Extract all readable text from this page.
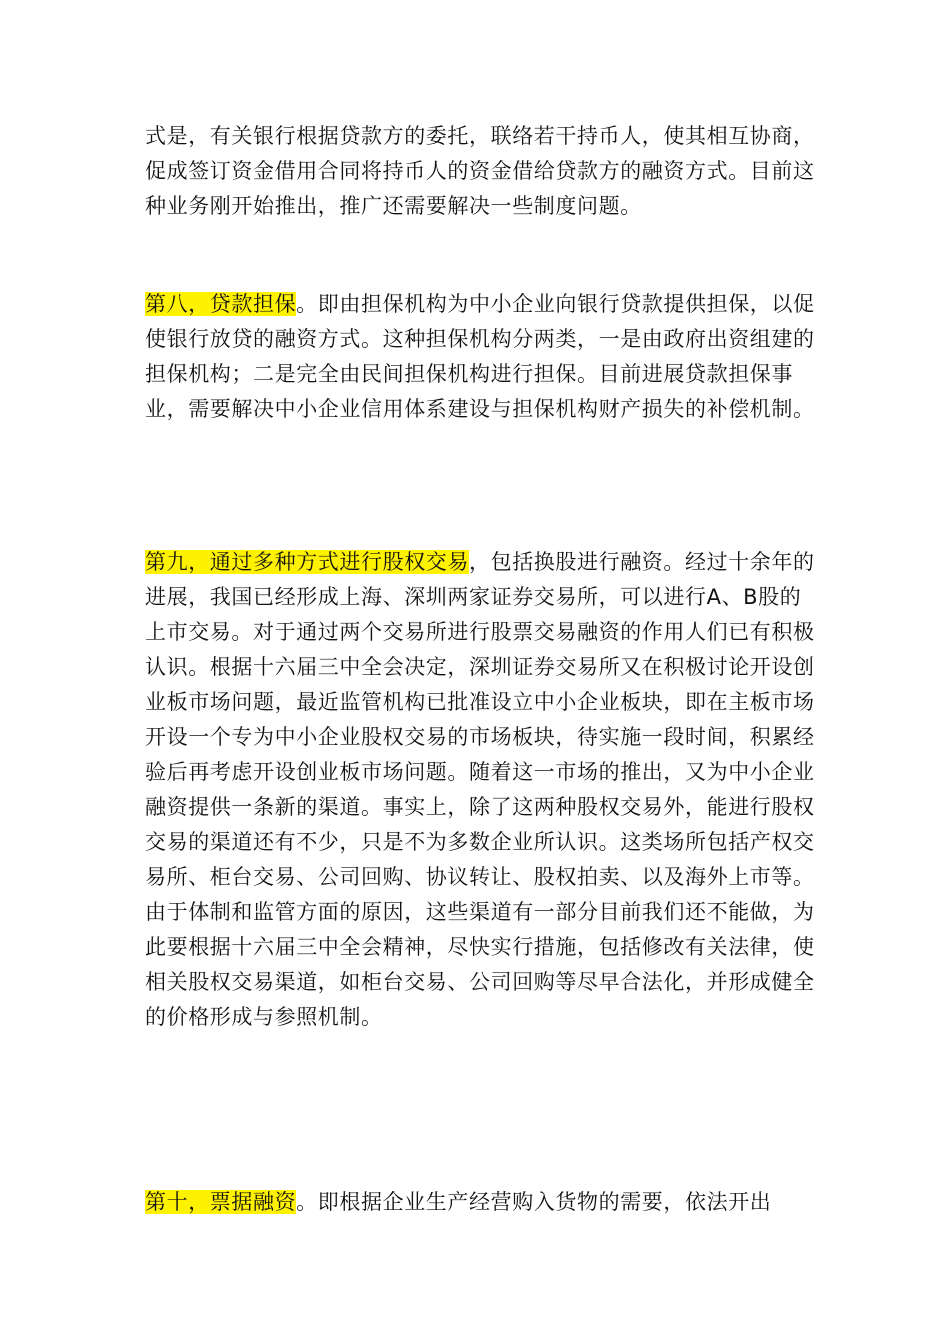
式是，有关银行根据贷款方的委托，联络若干持币人，使其相互协商，促成签订资金借用合同将持币人的资金借给贷款方的融资方式。目前这种业务刚开始推出，推广还需要解决一些制度问题。

第八，贷款担保。即由担保机构为中小企业向银行贷款提供担保，以促使银行放贷的融资方式。这种担保机构分两类，一是由政府出资组建的担保机构；二是完全由民间担保机构进行担保。目前进展贷款担保事业，需要解决中小企业信用体系建设与担保机构财产损失的补偿机制。

第九，通过多种方式进行股权交易，包括换股进行融资。经过十余年的进展，我国已经形成上海、深圳两家证券交易所，可以进行A、B股的上市交易。对于通过两个交易所进行股票交易融资的作用人们已有积极认识。根据十六届三中全会决定，深圳证券交易所又在积极讨论开设创业板市场问题，最近监管机构已批准设立中小企业板块，即在主板市场开设一个专为中小企业股权交易的市场板块，待实施一段时间，积累经验后再考虑开设创业板市场问题。随着这一市场的推出，又为中小企业融资提供一条新的渠道。事实上，除了这两种股权交易外，能进行股权交易的渠道还有不少，只是不为多数企业所认识。这类场所包括产权交易所、柜台交易、公司回购、协议转让、股权拍卖、以及海外上市等。由于体制和监管方面的原因，这些渠道有一部分目前我们还不能做，为此要根据十六届三中全会精神，尽快实行措施，包括修改有关法律，使相关股权交易渠道，如柜台交易、公司回购等尽早合法化，并形成健全的价格形成与参照机制。

第十，票据融资。即根据企业生产经营购入货物的需要，依法开出
